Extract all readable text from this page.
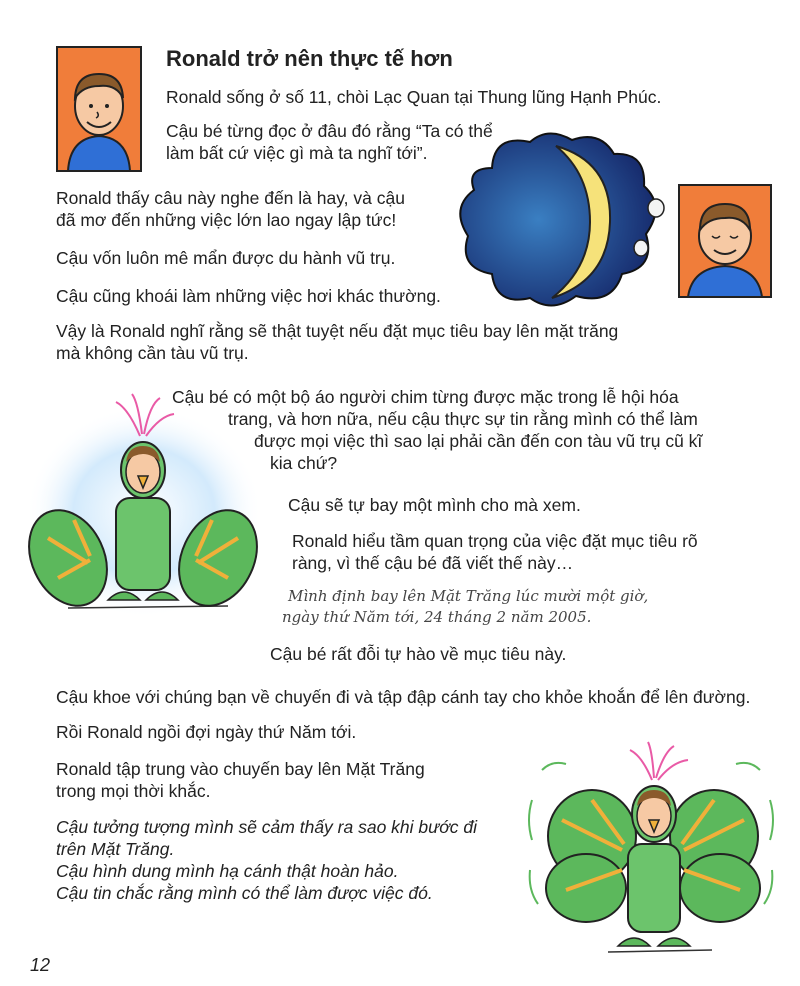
Ronald trở nên thực tế hơn
Ronald sống ở số 11, chòi Lạc Quan tại Thung lũng Hạnh Phúc.
Cậu bé từng đọc ở đâu đó rằng “Ta có thể
làm bất cứ việc gì mà ta nghĩ tới”.
Ronald thấy câu này nghe đến là hay, và cậu
đã mơ đến những việc lớn lao ngay lập tức!
Cậu vốn luôn mê mẩn được du hành vũ trụ.
Cậu cũng khoái làm những việc hơi khác thường.
Vậy là Ronald nghĩ rằng sẽ thật tuyệt nếu đặt mục tiêu bay lên mặt trăng
mà không cần tàu vũ trụ.
Cậu bé có một bộ áo người chim từng được mặc trong lễ hội hóa
trang, và hơn nữa, nếu cậu thực sự tin rằng mình có thể làm
được mọi việc thì sao lại phải cần đến con tàu vũ trụ cũ kĩ
kia chứ?
Cậu sẽ tự bay một mình cho mà xem.
Ronald hiểu tầm quan trọng của việc đặt mục tiêu rõ
ràng, vì thế cậu bé đã viết thế này…
Mình định bay lên Mặt Trăng lúc mười một giờ,
ngày thứ Năm tới, 24 tháng 2 năm 2005.
Cậu bé rất đỗi tự hào về mục tiêu này.
Cậu khoe với chúng bạn về chuyến đi và tập đập cánh tay cho khỏe khoắn để lên đường.
Rồi Ronald ngồi đợi ngày thứ Năm tới.
Ronald tập trung vào chuyến bay lên Mặt Trăng
trong mọi thời khắc.
Cậu tưởng tượng mình sẽ cảm thấy ra sao khi bước đi
trên Mặt Trăng.
Cậu hình dung mình hạ cánh thật hoàn hảo.
Cậu tin chắc rằng mình có thể làm được việc đó.
12
